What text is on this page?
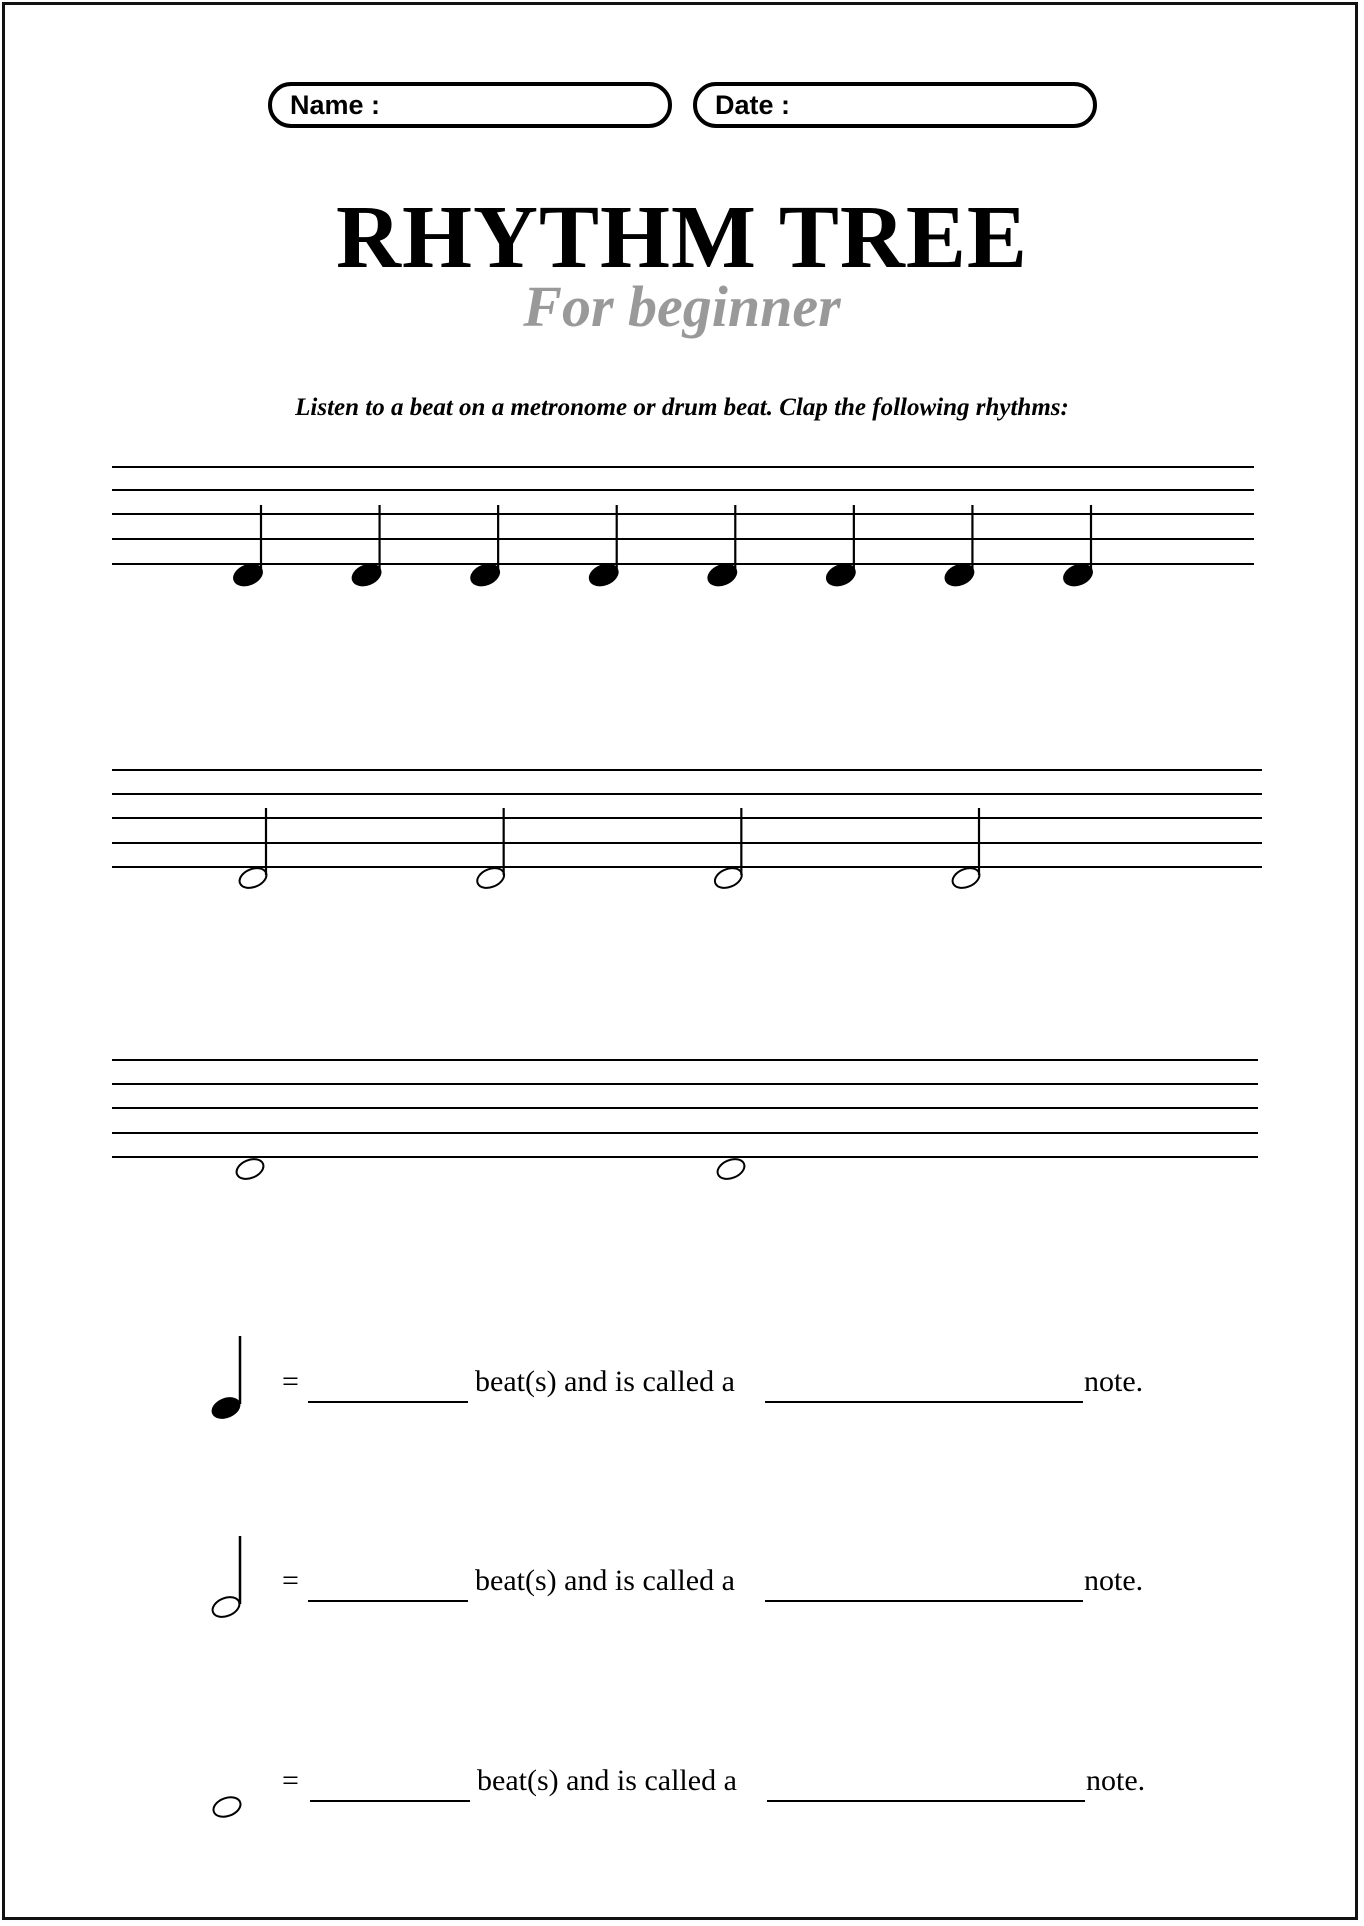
Name :	Date :
RHYTHM TREE
For beginner
Listen to a beat on a metronome or drum beat. Clap the following rhythms:
=	beat(s) and is called a	note.
=	beat(s) and is called a	note.
=	beat(s) and is called a	note.
